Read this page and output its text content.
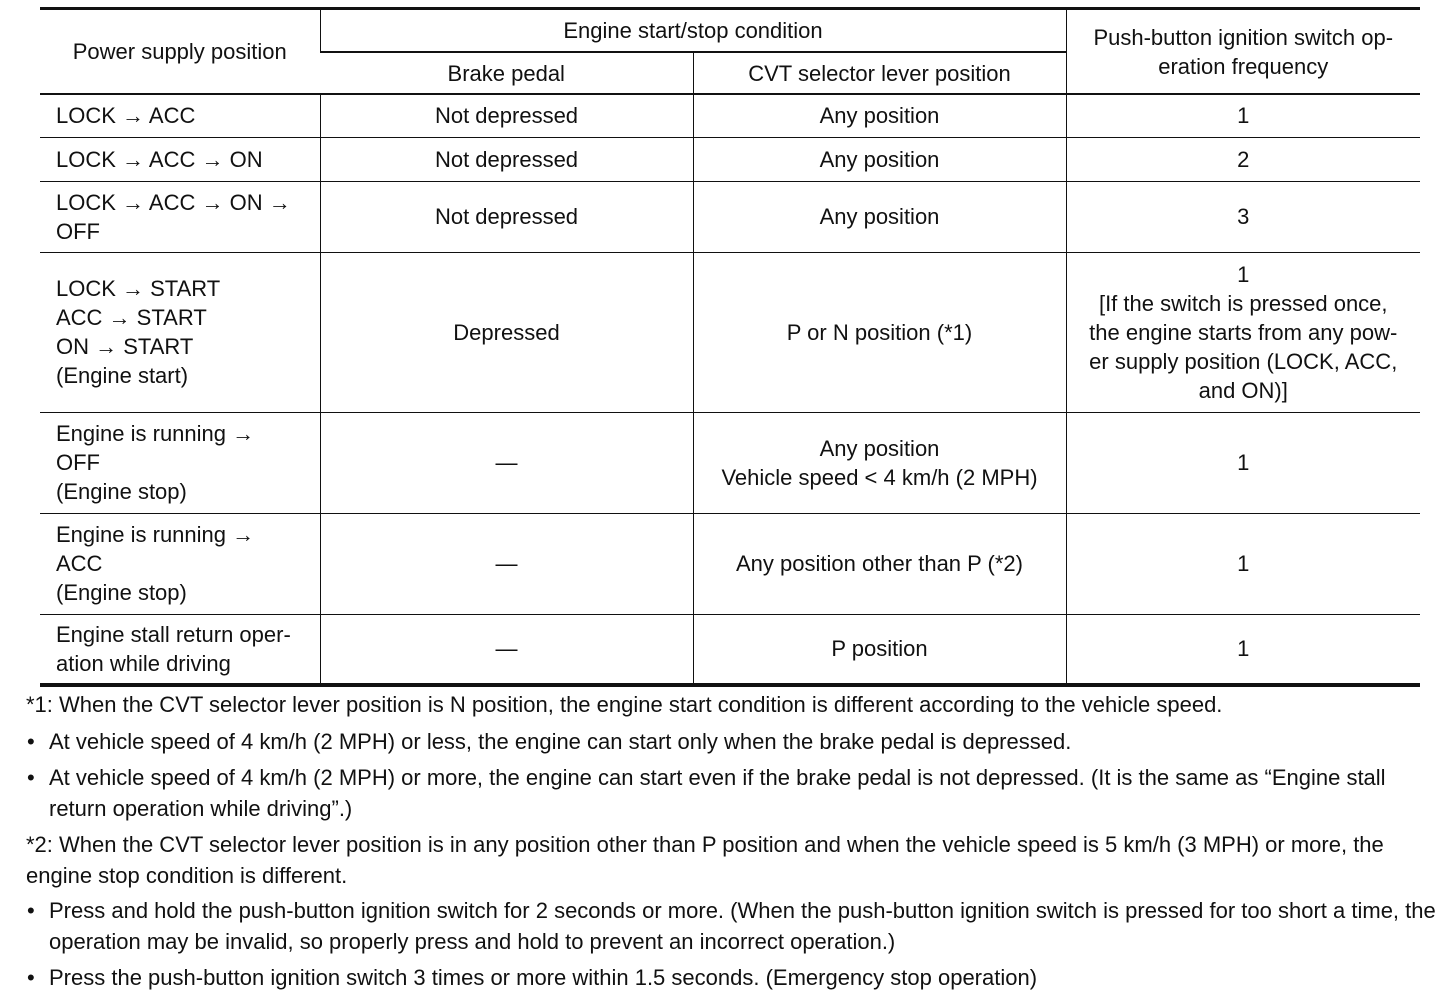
Power supply position	Engine start/stop condition		Push-button ignition switch op-
eration frequency

	Brake pedal	CVT selector lever position	

LOCK → ACC	Not depressed	Any position	1

LOCK → ACC → ON	Not depressed	Any position	2

LOCK → ACC → ON →
OFF	Not depressed	Any position	3

LOCK → START
ACC → START
ON → START
(Engine start)	Depressed	P or N position (*1)	1
[If the switch is pressed once,
the engine starts from any pow-
er supply position (LOCK, ACC,
and ON)]

Engine is running →
OFF
(Engine stop)	—	Any position
Vehicle speed < 4 km/h (2 MPH)	1

Engine is running →
ACC
(Engine stop)	—	Any position other than P (*2)	1

Engine stall return oper-
ation while driving	—	P position	1

*1: When the CVT selector lever position is N position, the engine start condition is different according to the vehicle speed.

• At vehicle speed of 4 km/h (2 MPH) or less, the engine can start only when the brake pedal is depressed.
• At vehicle speed of 4 km/h (2 MPH) or more, the engine can start even if the brake pedal is not depressed. (It is the same as “Engine stall return operation while driving”.)

*2: When the CVT selector lever position is in any position other than P position and when the vehicle speed is 5 km/h (3 MPH) or more, the engine stop condition is different.

• Press and hold the push-button ignition switch for 2 seconds or more. (When the push-button ignition switch is pressed for too short a time, the operation may be invalid, so properly press and hold to prevent an incorrect operation.)
• Press the push-button ignition switch 3 times or more within 1.5 seconds. (Emergency stop operation)
